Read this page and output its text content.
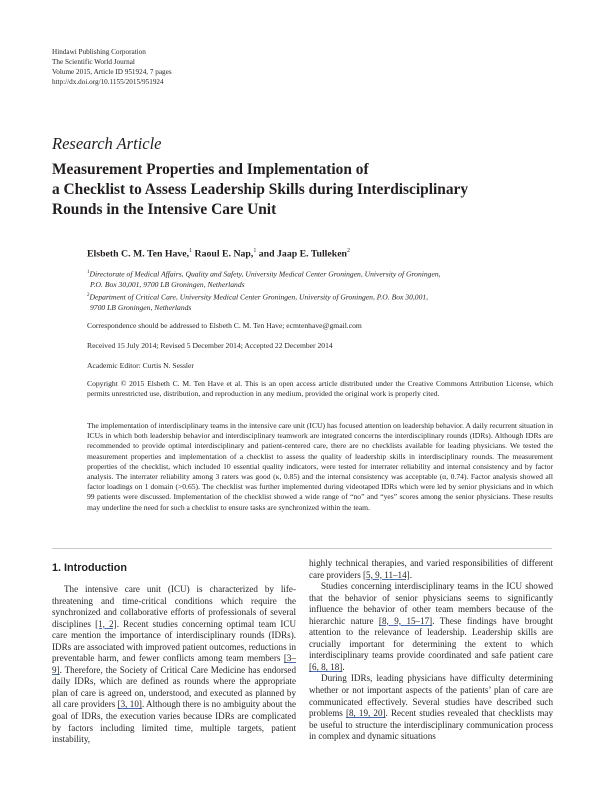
Hindawi Publishing Corporation
The Scientific World Journal
Volume 2015, Article ID 951924, 7 pages
http://dx.doi.org/10.1155/2015/951924
Research Article
Measurement Properties and Implementation of
a Checklist to Assess Leadership Skills during Interdisciplinary
Rounds in the Intensive Care Unit
Elsbeth C. M. Ten Have,$^1$ Raoul E. Nap,$^1$ and Jaap E. Tulleken$^2$
$^1$Directorate of Medical Affairs, Quality and Safety, University Medical Center Groningen, University of Groningen,
P.O. Box 30,001, 9700 LB Groningen, Netherlands
$^2$Department of Critical Care, University Medical Center Groningen, University of Groningen, P.O. Box 30,001,
9700 LB Groningen, Netherlands
Correspondence should be addressed to Elsbeth C. M. Ten Have; ecmtenhave@gmail.com
Received 15 July 2014; Revised 5 December 2014; Accepted 22 December 2014
Academic Editor: Curtis N. Sessler
Copyright © 2015 Elsbeth C. M. Ten Have et al. This is an open access article distributed under the Creative Commons Attribution License, which permits unrestricted use, distribution, and reproduction in any medium, provided the original work is properly cited.
The implementation of interdisciplinary teams in the intensive care unit (ICU) has focused attention on leadership behavior. A daily recurrent situation in ICUs in which both leadership behavior and interdisciplinary teamwork are integrated concerns the interdisciplinary rounds (IDRs). Although IDRs are recommended to provide optimal interdisciplinary and patient-centered care, there are no checklists available for leading physicians. We tested the measurement properties and implementation of a checklist to assess the quality of leadership skills in interdisciplinary rounds. The measurement properties of the checklist, which included 10 essential quality indicators, were tested for interrater reliability and internal consistency and by factor analysis. The interrater reliability among 3 raters was good (κ, 0.85) and the internal consistency was acceptable (α, 0.74). Factor analysis showed all factor loadings on 1 domain (>0.65). The checklist was further implemented during videotaped IDRs which were led by senior physicians and in which 99 patients were discussed. Implementation of the checklist showed a wide range of “no” and “yes” scores among the senior physicians. These results may underline the need for such a checklist to ensure tasks are synchronized within the team.
1. Introduction

The intensive care unit (ICU) is characterized by life-threatening and time-critical conditions which require the synchronized and collaborative efforts of professionals of several disciplines [1, 2]. Recent studies concerning optimal team ICU care mention the importance of interdisciplinary rounds (IDRs). IDRs are associated with improved patient outcomes, reductions in preventable harm, and fewer conflicts among team members [3–9]. Therefore, the Society of Critical Care Medicine has endorsed daily IDRs, which are defined as rounds where the appropriate plan of care is agreed on, understood, and executed as planned by all care providers [3, 10]. Although there is no ambiguity about the goal of IDRs, the execution varies because IDRs are complicated by factors including limited time, multiple targets, patient instability,

highly technical therapies, and varied responsibilities of different care providers [5, 9, 11–14].

Studies concerning interdisciplinary teams in the ICU showed that the behavior of senior physicians seems to significantly influence the behavior of other team members because of the hierarchic nature [8, 9, 15–17]. These findings have brought attention to the relevance of leadership. Leadership skills are crucially important for determining the extent to which interdisciplinary teams provide coordinated and safe patient care [6, 8, 18].

During IDRs, leading physicians have difficulty determining whether or not important aspects of the patients’ plan of care are communicated effectively. Several studies have described such problems [8, 19, 20]. Recent studies revealed that checklists may be useful to structure the interdisciplinary communication process in complex and dynamic situations
